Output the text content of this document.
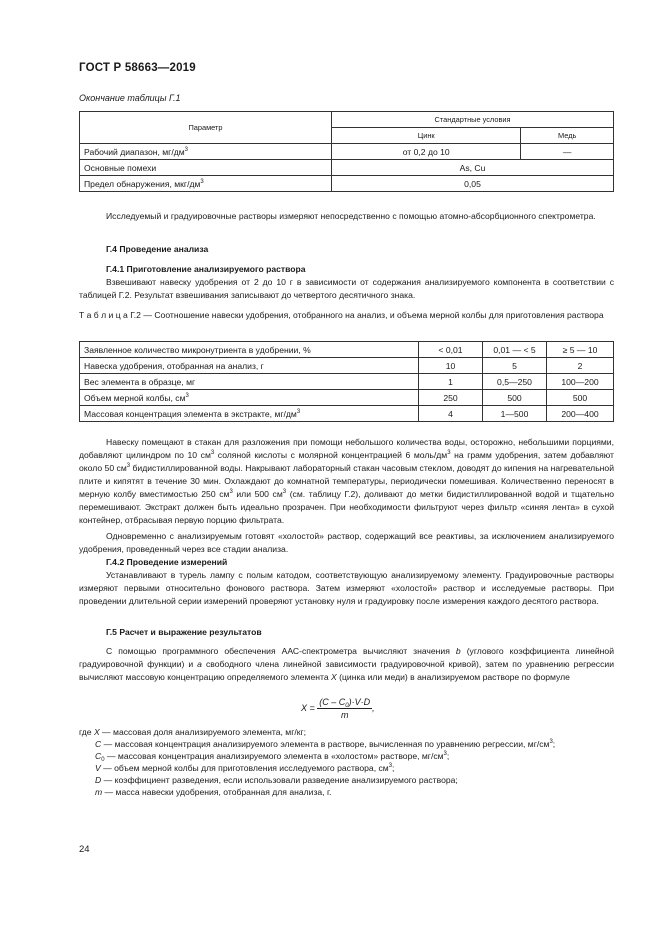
ГОСТ Р 58663—2019
Окончание таблицы Г.1
Параметр	Стандартные условия	
	Цинк	Медь
Рабочий диапазон, $мг/дм^3$	от 0,2 до 10	—
Основные помехи	As, Cu	
Предел обнаружения, мкг/$дм^3$	0,05	
Исследуемый и градуировочные растворы измеряют непосредственно с помощью атомно-абсорбционного спектрометра.
Г.4 Проведение анализа
Г.4.1 Приготовление анализируемого раствора
Взвешивают навеску удобрения от 2 до 10 г в зависимости от содержания анализируемого компонента в соответствии с таблицей Г.2. Результат взвешивания записывают до четвертого десятичного знака.
Т а б л и ц а Г.2 — Соотношение навески удобрения, отобранного на анализ, и объема мерной колбы для приготовления раствора
Заявленное количество микронутриента в удобрении, %	< 0,01	0,01 — < 5	≥ 5 — 10
Навеска удобрения, отобранная на анализ, г	10	5	2
Вес элемента в образце, мг	1	0,5—250	100—200
Объем мерной колбы, $см^3$	250	500	500
Массовая концентрация элемента в экстракте, $мг/дм^3$	4	1—500	200—400
Навеску помещают в стакан для разложения при помощи небольшого количества воды, осторожно, небольшими порциями, добавляют цилиндром по 10 $см^3$ соляной кислоты с молярной концентрацией 6 моль/$дм^3$ на грамм удобрения, затем добавляют около 50 $см^3$ бидистиллированной воды. Накрывают лабораторный стакан часовым стеклом, доводят до кипения на нагревательной плите и кипятят в течение 30 мин. Охлаждают до комнатной температуры, периодически помешивая. Количественно переносят в мерную колбу вместимостью 250 $см^3$ или 500 $см^3$ (см. таблицу Г.2), доливают до метки бидистиллированной водой и тщательно перемешивают. Экстракт должен быть идеально прозрачен. При необходимости фильтруют через фильтр «синяя лента» в сухой контейнер, отбрасывая первую порцию фильтрата.
Одновременно с анализируемым готовят «холостой» раствор, содержащий все реактивы, за исключением анализируемого удобрения, проведенный через все стадии анализа.
Г.4.2 Проведение измерений
Устанавливают в турель лампу с полым катодом, соответствующую анализируемому элементу. Градуировочные растворы измеряют первыми относительно фонового раствора. Затем измеряют «холостой» раствор и исследуемые растворы. При проведении длительной серии измерений проверяют установку нуля и градуировку после измерения каждого десятого раствора.
Г.5 Расчет и выражение результатов
С помощью программного обеспечения ААС-спектрометра вычисляют значения b (углового коэффициента линейной градуировочной функции) и a свободного члена линейной зависимости градуировочной кривой), затем по уравнению регрессии вычисляют массовую концентрацию определяемого элемента X (цинка или меди) в анализируемом растворе по формуле
$X = \frac{(C - C_0)\cdot V\cdot D}{m}$ ,
где X — массовая доля анализируемого элемента, мг/кг;
C — массовая концентрация анализируемого элемента в растворе, вычисленная по уравнению регрессии, $мг/см^3$;
$C_0$ — массовая концентрация анализируемого элемента в «холостом» растворе, $мг/см^3$;
V — объем мерной колбы для приготовления исследуемого раствора, $см^3$;
D — коэффициент разведения, если использовали разведение анализируемого раствора;
m — масса навески удобрения, отобранная для анализа, г.
24
